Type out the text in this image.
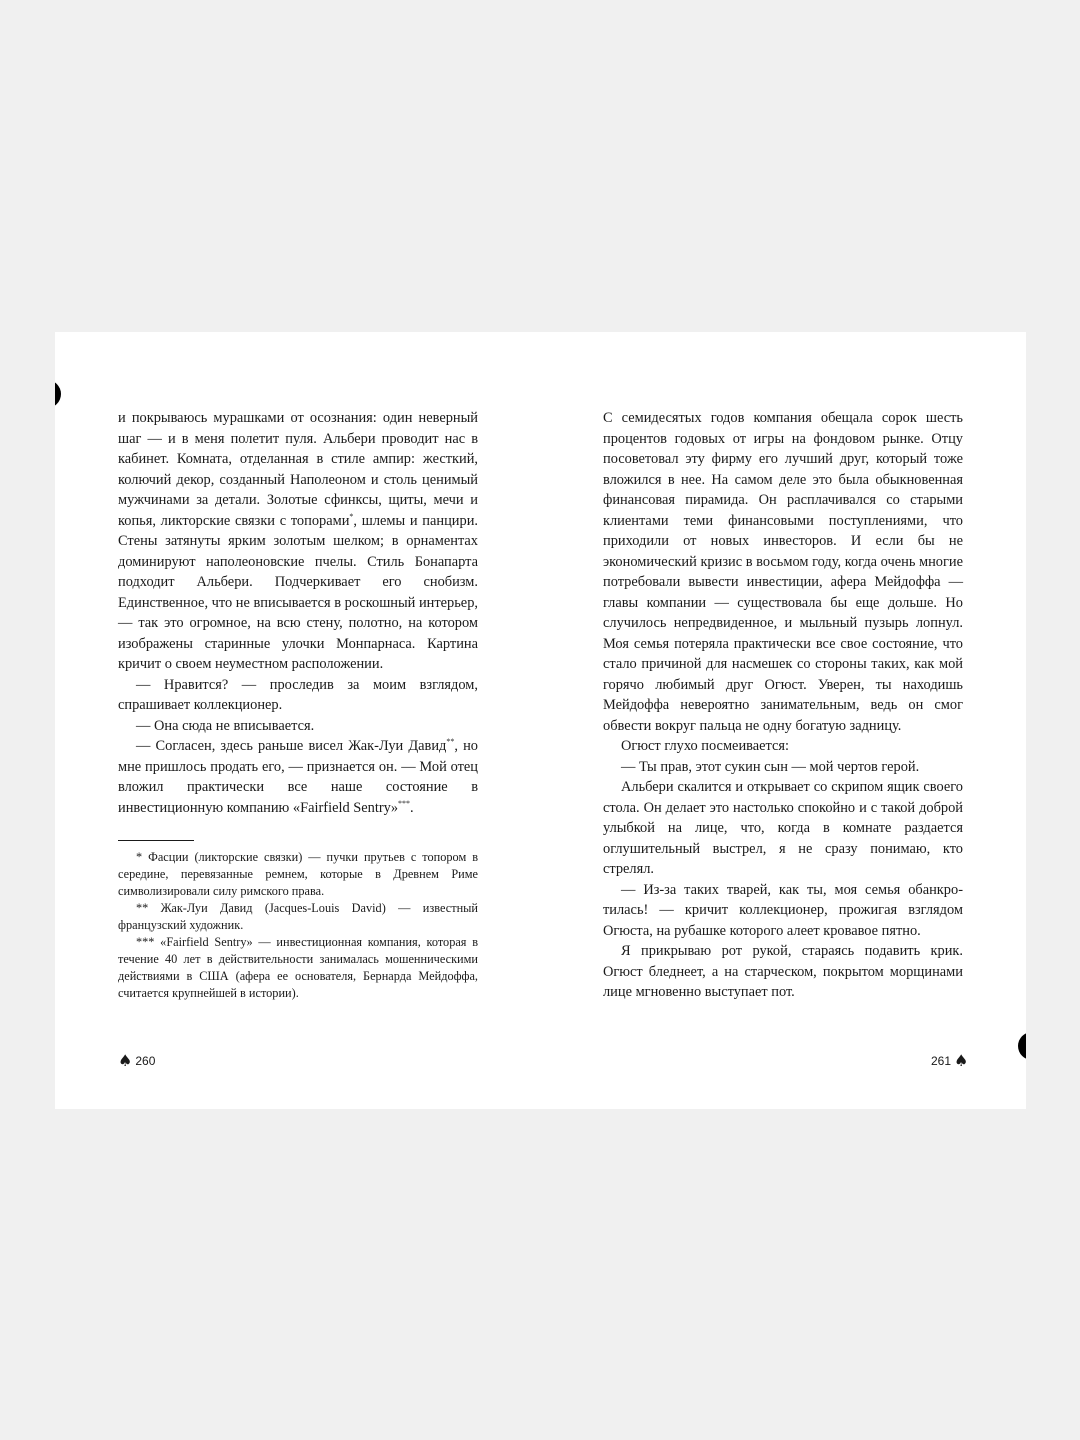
и покрываюсь мурашками от осознания: один неверный шаг — и в меня полетит пуля. Альбери проводит нас в кабинет. Комната, отделанная в стиле ампир: жесткий, колючий декор, созданный Наполеоном и столь ценимый мужчинами за детали. Золотые сфинксы, щиты, мечи и копья, ликторские связки с топорами*, шлемы и панцири. Стены затянуты ярким золотым шелком; в орнаментах доминируют наполеоновские пчелы. Стиль Бонапарта подходит Альбери. Подчеркивает его снобизм. Единственное, что не вписывается в роскошный интерьер, — так это огромное, на всю стену, полотно, на котором изображены старинные улочки Монпарнаса. Картина кричит о своем неуместном расположении.

— Нравится? — проследив за моим взглядом, спрашивает коллекционер.

— Она сюда не вписывается.

— Согласен, здесь раньше висел Жак-Луи Давид**, но мне пришлось продать его, — признается он. — Мой отец вложил практически все наше состояние в инвестиционную компанию «Fairfield Sentry»***.

* Фасции (ликторские связки) — пучки прутьев с топором в середине, перевязанные ремнем, которые в Древнем Риме символизировали силу римского права.

** Жак-Луи Давид (Jacques-Louis David) — известный французский художник.

*** «Fairfield Sentry» — инвестиционная компания, которая в течение 40 лет в действительности занималась мошенническими действиями в США (афера ее основателя, Бернарда Мейдоффа, считается крупнейшей в истории).

♠ 260

С семидесятых годов компания обещала сорок шесть процентов годовых от игры на фондовом рынке. Отцу посоветовал эту фирму его лучший друг, который тоже вложился в нее. На самом деле это была обыкновенная финансовая пирамида. Он расплачивался со старыми клиентами теми финансовыми поступлениями, что приходили от новых инвесторов. И если бы не экономический кризис в восьмом году, когда очень многие потребовали вывести инвестиции, афера Мейдоффа — главы компании — существовала бы еще дольше. Но случилось непредвиденное, и мыльный пузырь лопнул. Моя семья потеряла практически все свое состояние, что стало причиной для насмешек со стороны таких, как мой горячо любимый друг Огюст. Уверен, ты находишь Мейдоффа невероятно занимательным, ведь он смог обвести вокруг пальца не одну богатую задницу.

Огюст глухо посмеивается:

— Ты прав, этот сукин сын — мой чертов герой.

Альбери скалится и открывает со скрипом ящик своего стола. Он делает это настолько спокойно и с такой доброй улыбкой на лице, что, когда в комнате раздается оглушительный выстрел, я не сразу понимаю, кто стрелял.

— Из-за таких тварей, как ты, моя семья обанкротилась! — кричит коллекционер, прожигая взглядом Огюста, на рубашке которого алеет кровавое пятно.

Я прикрываю рот рукой, стараясь подавить крик. Огюст бледнеет, а на старческом, покрытом морщинами лице мгновенно выступает пот.

261 ♠
